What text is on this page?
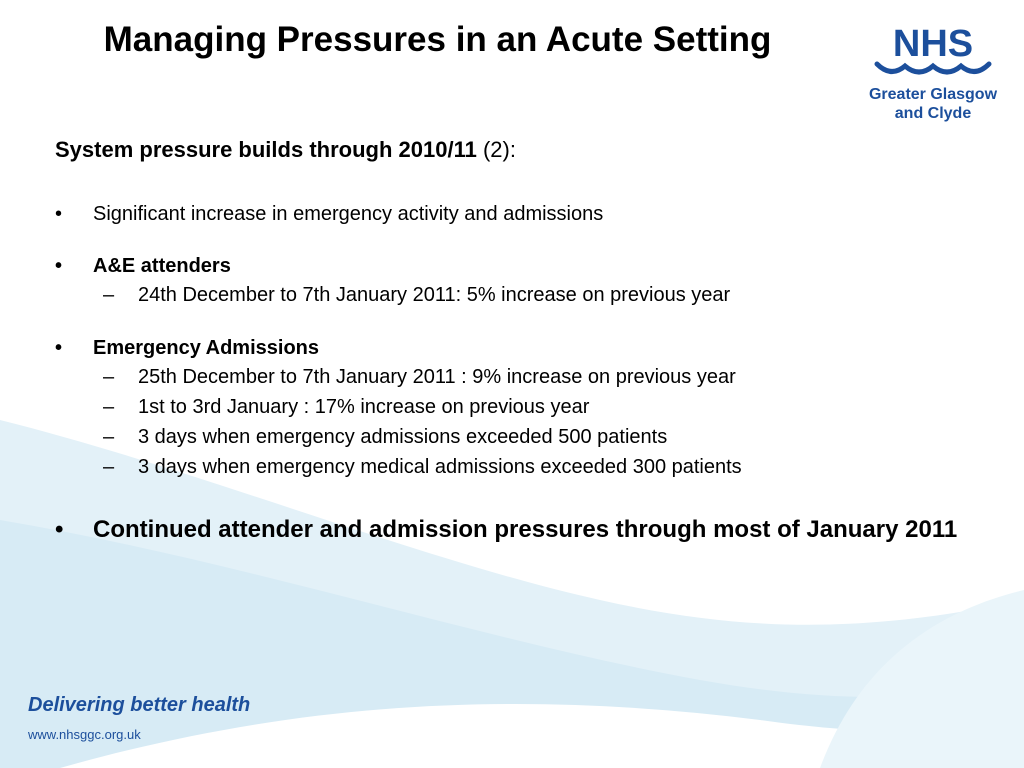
Managing Pressures in an Acute Setting	NHS
Greater Glasgow
and Clyde

System pressure builds through 2010/11 (2):

•	Significant increase in emergency activity and admissions
•	A&E attenders
– 24th December to 7th January 2011: 5% increase on previous year
•	Emergency Admissions
– 25th December to 7th January 2011 : 9% increase on previous year
– 1st to 3rd January : 17% increase on previous year
– 3 days when emergency admissions exceeded 500 patients
– 3 days when emergency medical admissions exceeded 300 patients
•	Continued attender and admission pressures through most of January 2011
Delivering better health
www.nhsggc.org.uk
